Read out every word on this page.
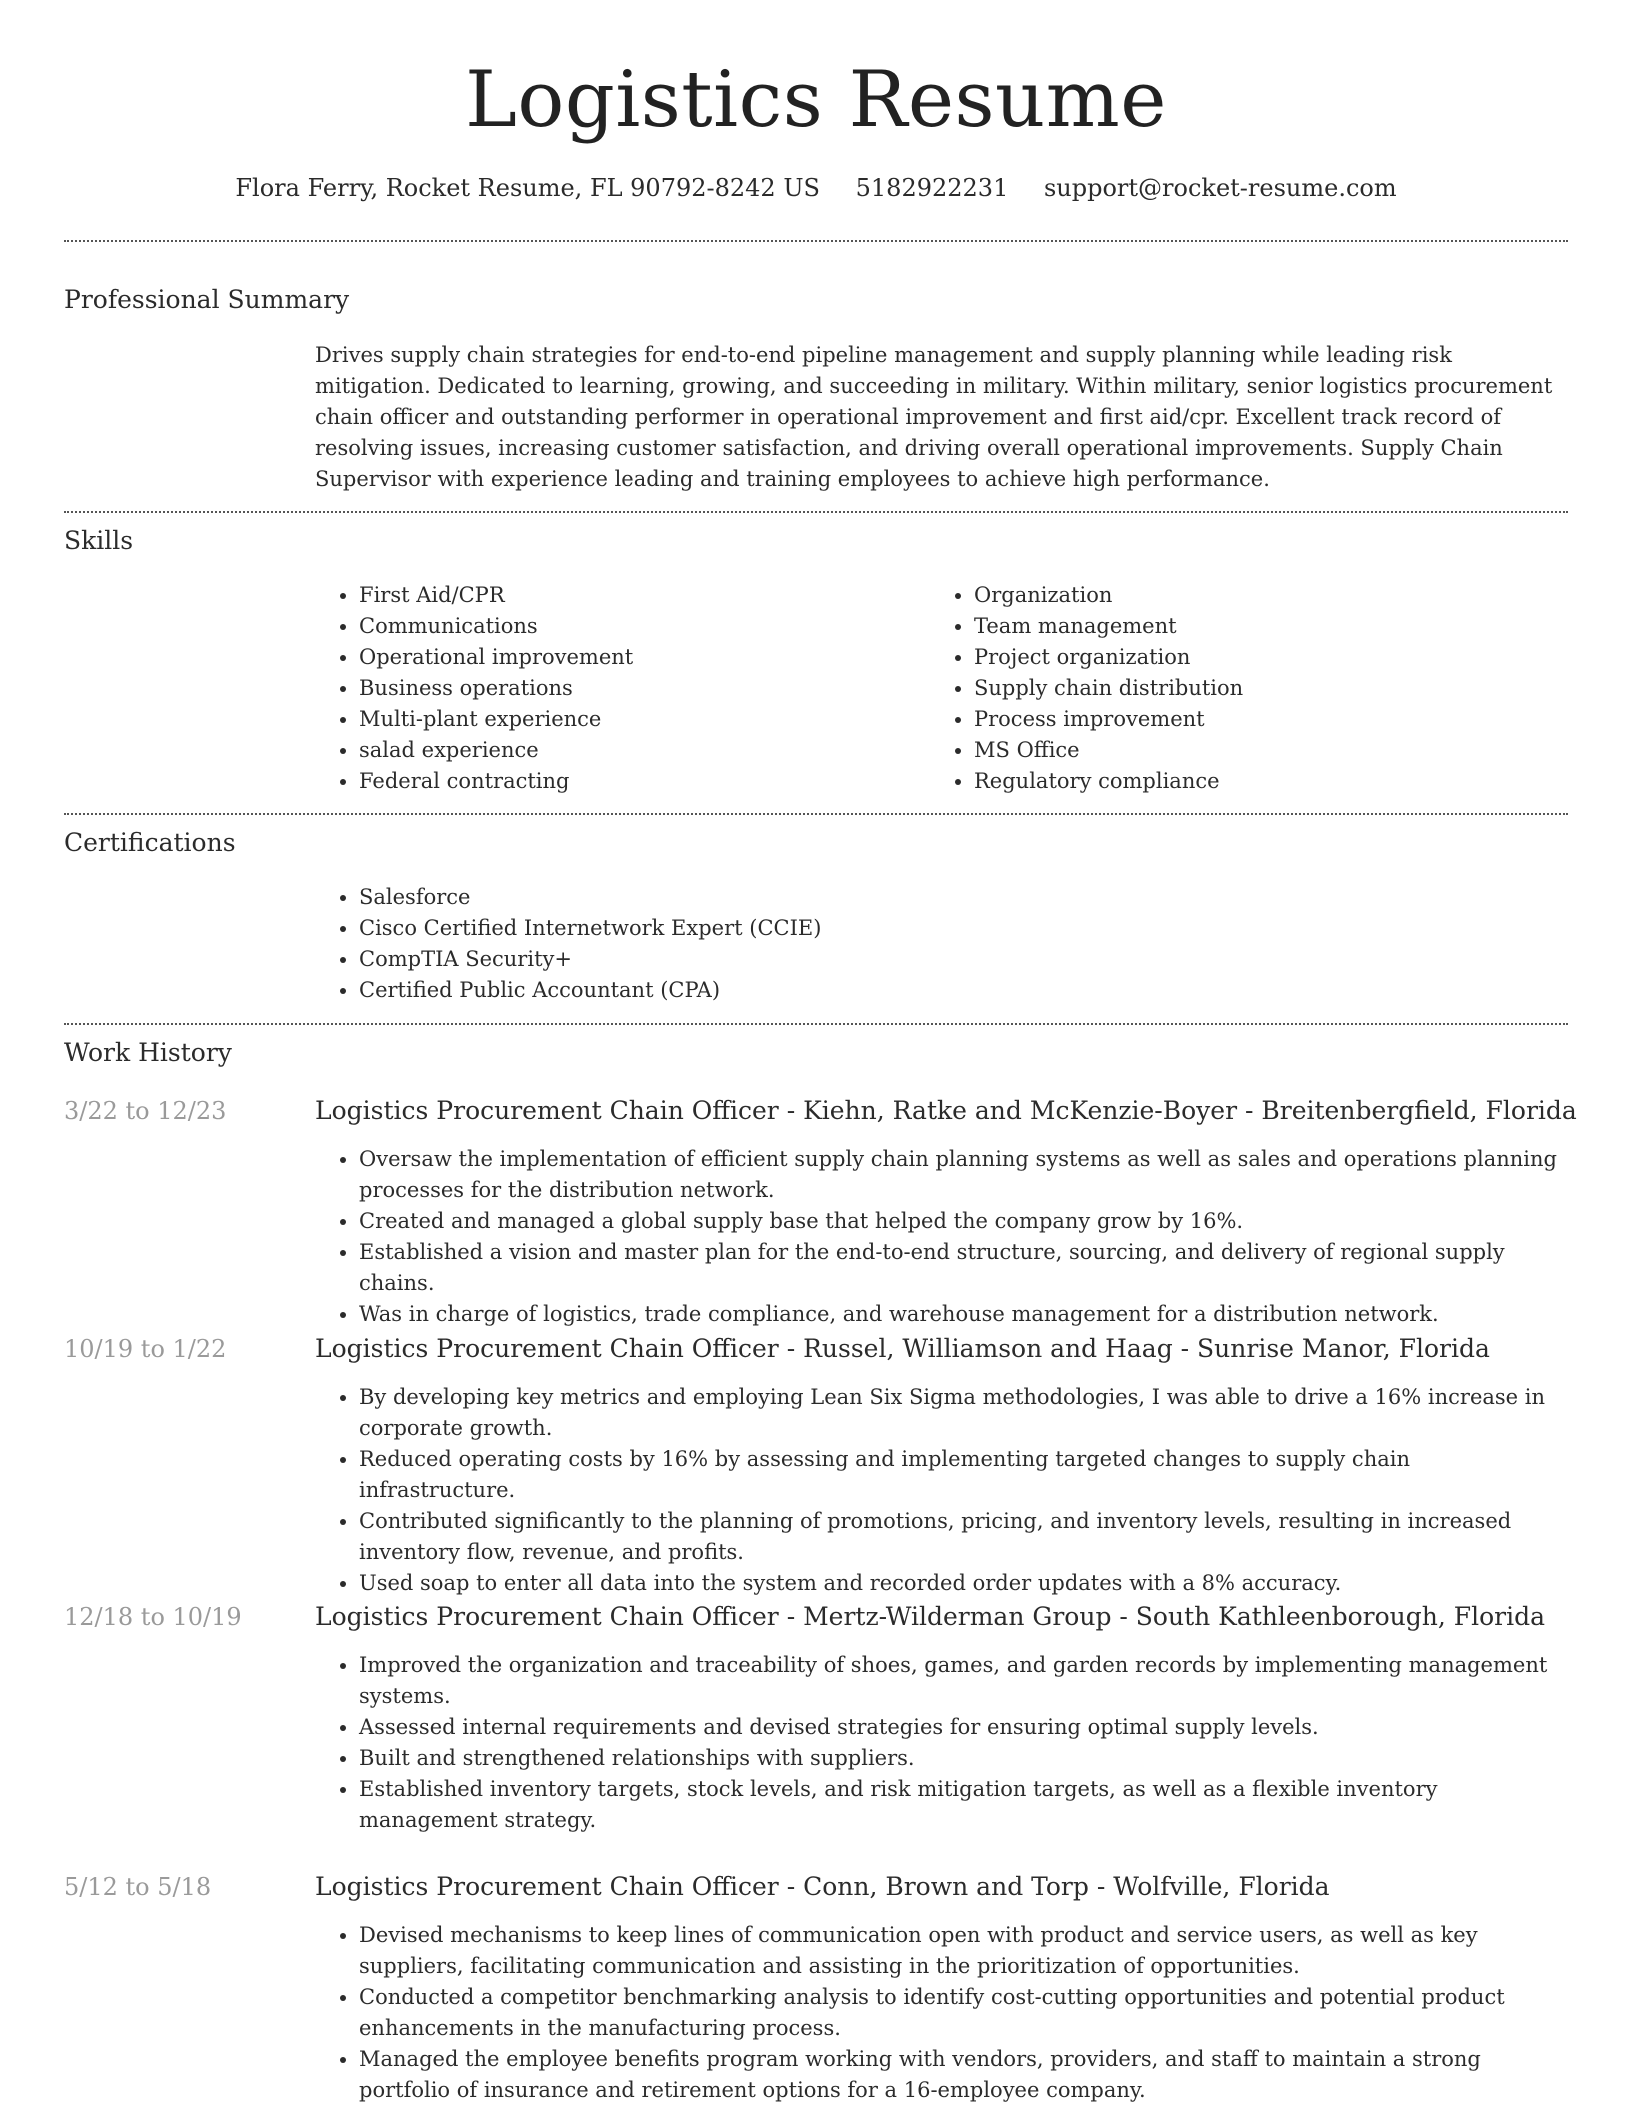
Logistics Resume
Flora Ferry, Rocket Resume, FL 90792-8242 US 5182922231 support@rocket-resume.com
Professional Summary
Drives supply chain strategies for end-to-end pipeline management and supply planning while leading risk mitigation. Dedicated to learning, growing, and succeeding in military. Within military, senior logistics procurement chain officer and outstanding performer in operational improvement and first aid/cpr. Excellent track record of resolving issues, increasing customer satisfaction, and driving overall operational improvements. Supply Chain Supervisor with experience leading and training employees to achieve high performance.
Skills
• First Aid/CPR
• Communications
• Operational improvement
• Business operations
• Multi-plant experience
• salad experience
• Federal contracting
• Organization
• Team management
• Project organization
• Supply chain distribution
• Process improvement
• MS Office
• Regulatory compliance
Certifications
• Salesforce
• Cisco Certified Internetwork Expert (CCIE)
• CompTIA Security+
• Certified Public Accountant (CPA)
Work History
3/22 to 12/23	Logistics Procurement Chain Officer - Kiehn, Ratke and McKenzie-Boyer - Breitenbergfield, Florida
• Oversaw the implementation of efficient supply chain planning systems as well as sales and operations planning processes for the distribution network.
• Created and managed a global supply base that helped the company grow by 16%.
• Established a vision and master plan for the end-to-end structure, sourcing, and delivery of regional supply chains.
• Was in charge of logistics, trade compliance, and warehouse management for a distribution network.
10/19 to 1/22	Logistics Procurement Chain Officer - Russel, Williamson and Haag - Sunrise Manor, Florida
• By developing key metrics and employing Lean Six Sigma methodologies, I was able to drive a 16% increase in corporate growth.
• Reduced operating costs by 16% by assessing and implementing targeted changes to supply chain infrastructure.
• Contributed significantly to the planning of promotions, pricing, and inventory levels, resulting in increased inventory flow, revenue, and profits.
• Used soap to enter all data into the system and recorded order updates with a 8% accuracy.
12/18 to 10/19	Logistics Procurement Chain Officer - Mertz-Wilderman Group - South Kathleenborough, Florida
• Improved the organization and traceability of shoes, games, and garden records by implementing management systems.
• Assessed internal requirements and devised strategies for ensuring optimal supply levels.
• Built and strengthened relationships with suppliers.
• Established inventory targets, stock levels, and risk mitigation targets, as well as a flexible inventory management strategy.
5/12 to 5/18	Logistics Procurement Chain Officer - Conn, Brown and Torp - Wolfville, Florida
• Devised mechanisms to keep lines of communication open with product and service users, as well as key suppliers, facilitating communication and assisting in the prioritization of opportunities.
• Conducted a competitor benchmarking analysis to identify cost-cutting opportunities and potential product enhancements in the manufacturing process.
• Managed the employee benefits program working with vendors, providers, and staff to maintain a strong portfolio of insurance and retirement options for a 16-employee company.
